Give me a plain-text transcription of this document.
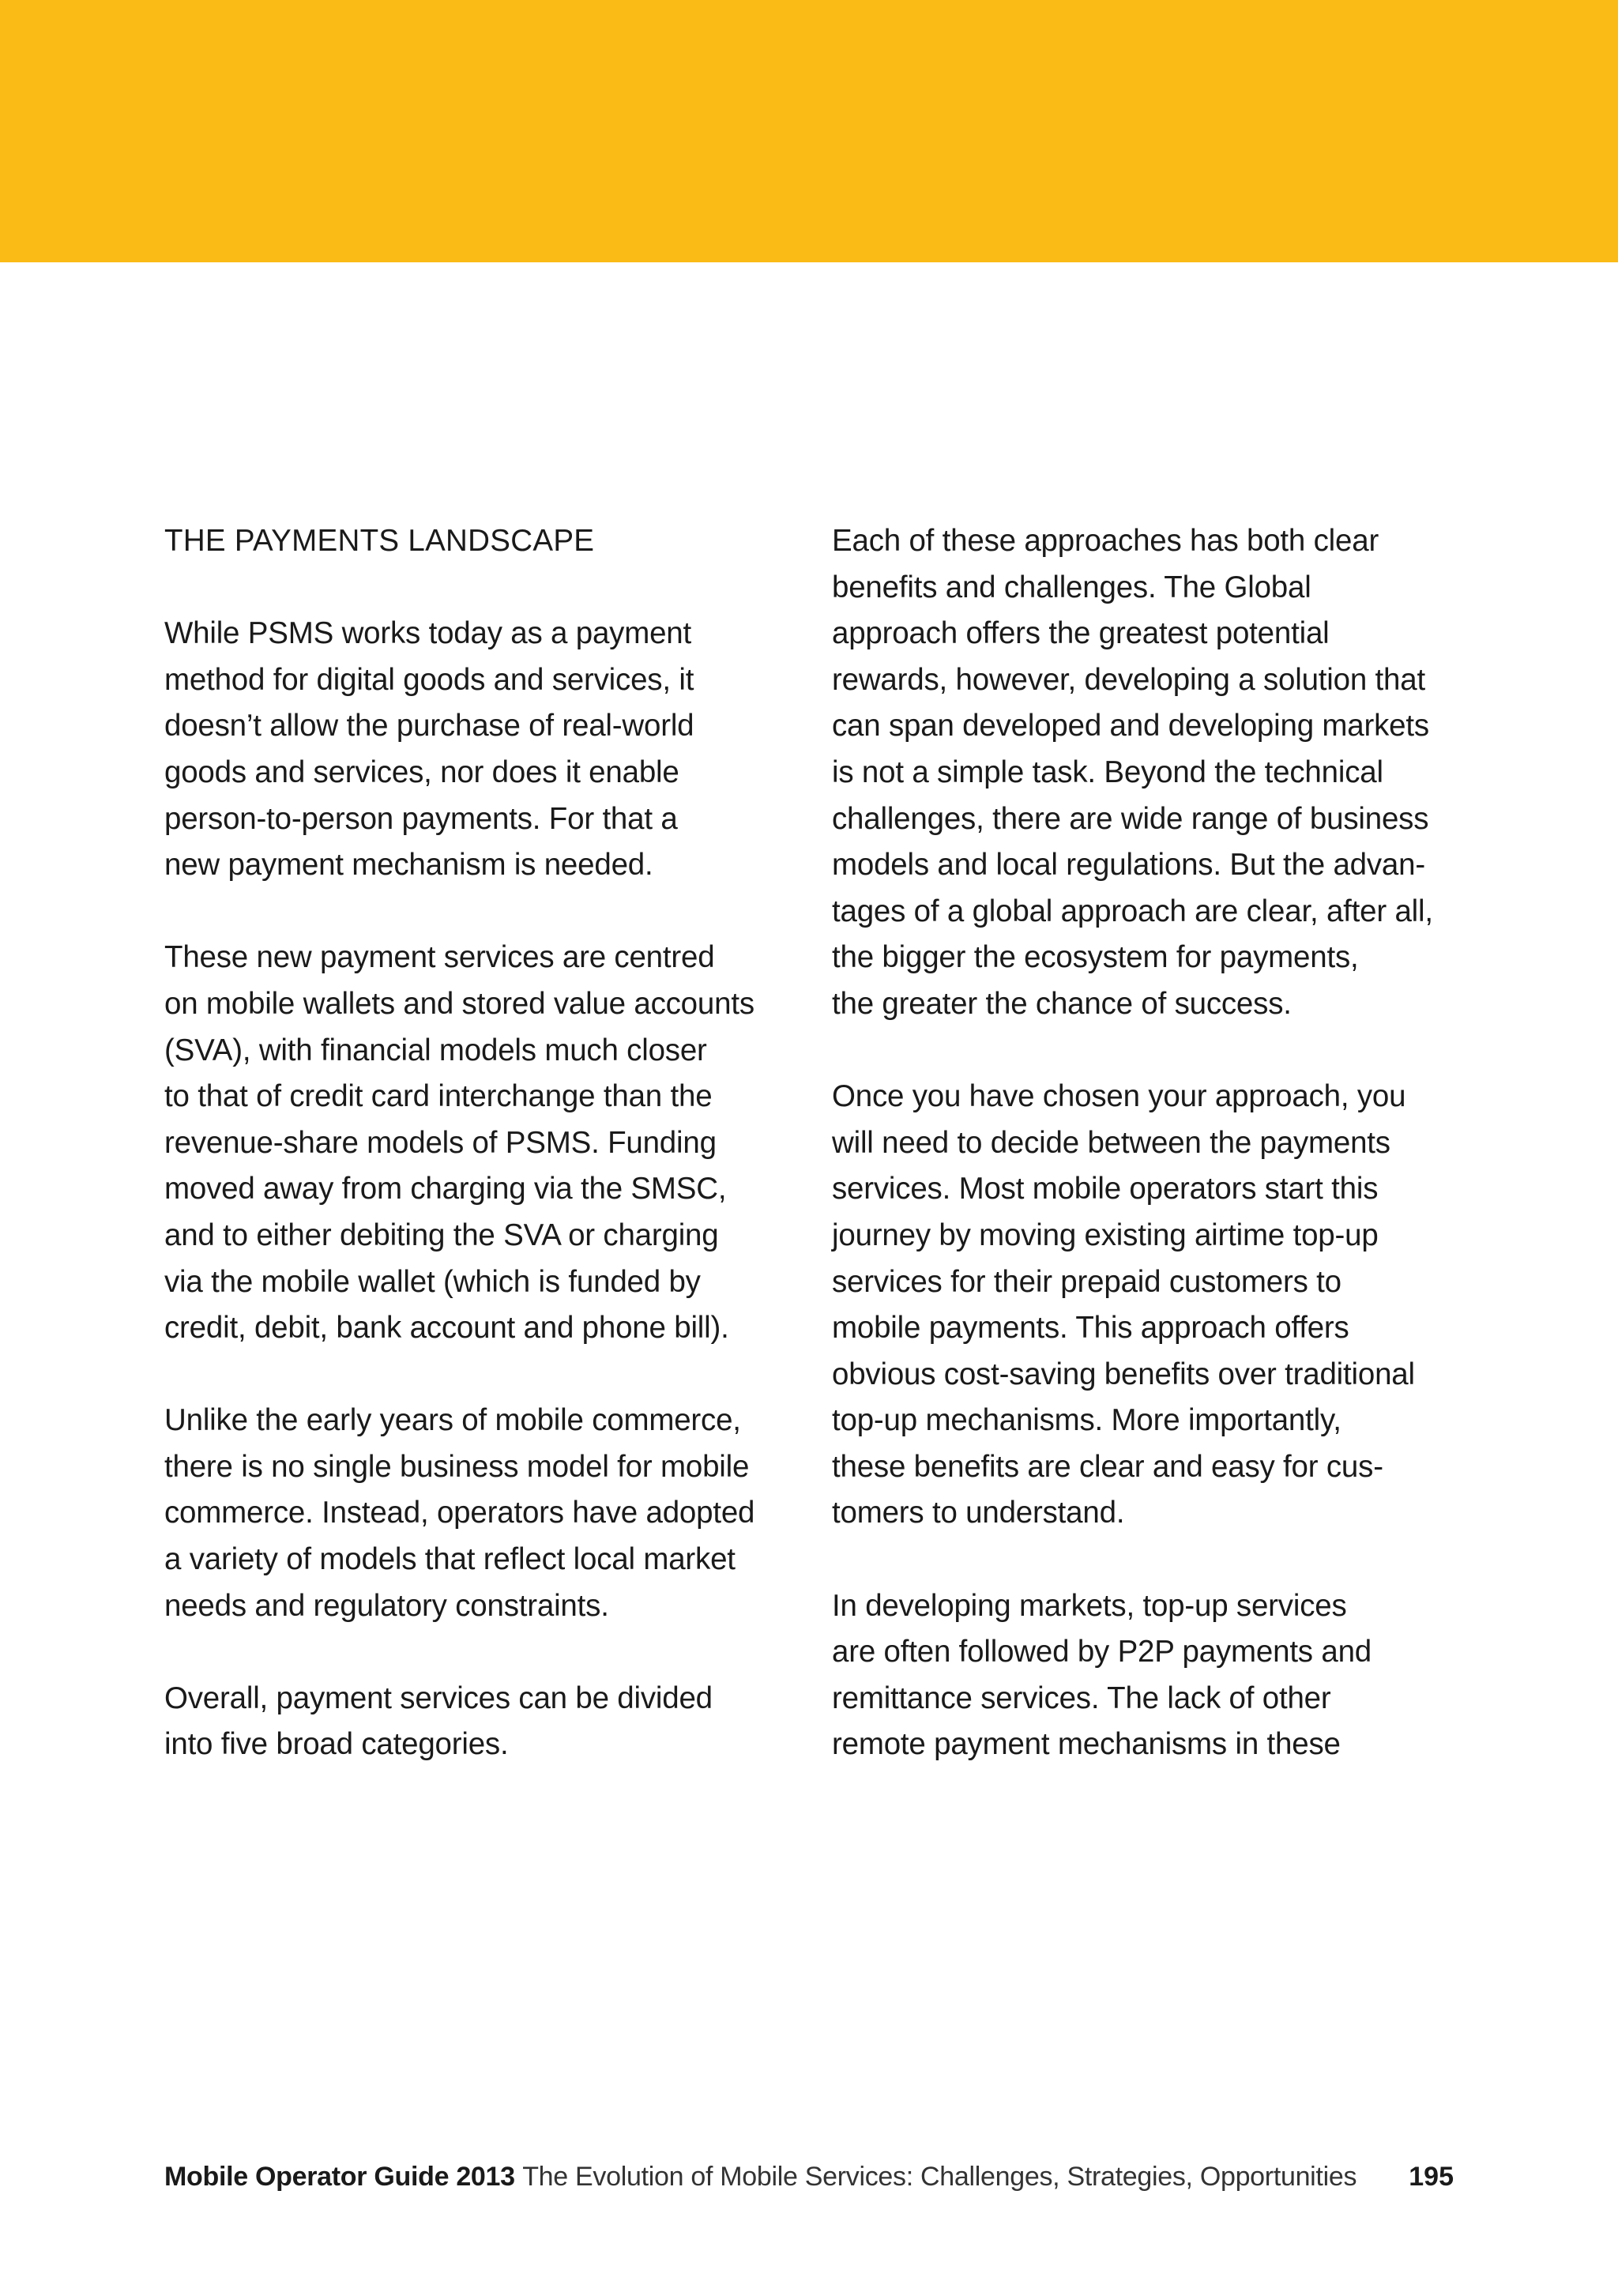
THE PAYMENTS LANDSCAPE

While PSMS works today as a payment
method for digital goods and services, it
doesn’t allow the purchase of real-world
goods and services, nor does it enable
person-to-person payments. For that a
new payment mechanism is needed.

These new payment services are centred
on mobile wallets and stored value accounts
(SVA), with financial models much closer
to that of credit card interchange than the
revenue-share models of PSMS. Funding
moved away from charging via the SMSC,
and to either debiting the SVA or charging
via the mobile wallet (which is funded by
credit, debit, bank account and phone bill).

Unlike the early years of mobile commerce,
there is no single business model for mobile
commerce. Instead, operators have adopted
a variety of models that reflect local market
needs and regulatory constraints.

Overall, payment services can be divided
into five broad categories.

Each of these approaches has both clear
benefits and challenges. The Global
approach offers the greatest potential
rewards, however, developing a solution that
can span developed and developing markets
is not a simple task. Beyond the technical
challenges, there are wide range of business
models and local regulations. But the advan-
tages of a global approach are clear, after all,
the bigger the ecosystem for payments,
the greater the chance of success.

Once you have chosen your approach, you
will need to decide between the payments
services. Most mobile operators start this
journey by moving existing airtime top-up
services for their prepaid customers to
mobile payments. This approach offers
obvious cost-saving benefits over traditional
top-up mechanisms. More importantly,
these benefits are clear and easy for cus-
tomers to understand.

In developing markets, top-up services
are often followed by P2P payments and
remittance services. The lack of other
remote payment mechanisms in these

Mobile Operator Guide 2013 The Evolution of Mobile Services: Challenges, Strategies, Opportunities 195
